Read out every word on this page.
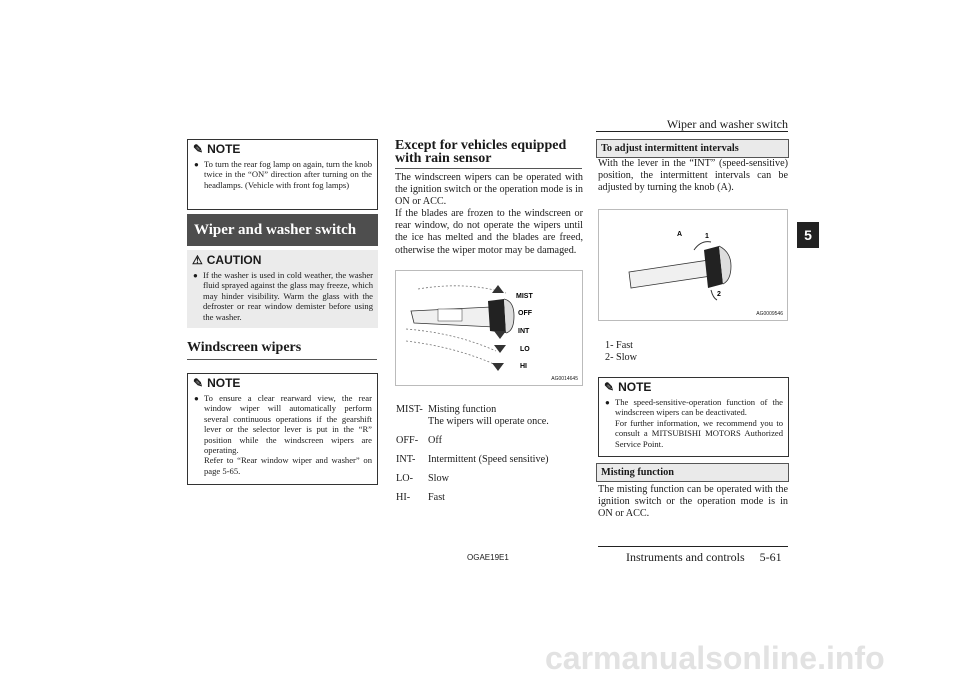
Wiper and washer switch
5
✎ NOTE
● To turn the rear fog lamp on again, turn the knob twice in the “ON” direction after turning on the headlamps. (Vehicle with front fog lamps)
Wiper and washer switch
⚠ CAUTION
● If the washer is used in cold weather, the washer fluid sprayed against the glass may freeze, which may hinder visibility. Warm the glass with the defroster or rear window demister before using the washer.
Windscreen wipers
✎ NOTE
● To ensure a clear rearward view, the rear window wiper will automatically perform several continuous operations if the gearshift lever or the selector lever is put in the “R” position while the windscreen wipers are operating.
Refer to “Rear window wiper and washer” on page 5-65.
Except for vehicles equipped with rain sensor
The windscreen wipers can be operated with the ignition switch or the operation mode is in ON or ACC.
If the blades are frozen to the windscreen or rear window, do not operate the wipers until the ice has melted and the blades are freed, otherwise the wiper motor may be damaged.
MIST
OFF
INT
LO
HI
AG0014645
MIST- Misting function
The wipers will operate once.
OFF- Off
INT-	Intermittent (Speed sensitive)
LO-	Slow
HI-	Fast
To adjust intermittent intervals
With the lever in the “INT” (speed-sensitive) position, the intermittent intervals can be adjusted by turning the knob (A).
A	1
2
AG0009546
1- Fast
2- Slow
✎ NOTE
● The speed-sensitive-operation function of the windscreen wipers can be deactivated.
For further information, we recommend you to consult a MITSUBISHI MOTORS Authorized Service Point.
Misting function
The misting function can be operated with the ignition switch or the operation mode is in ON or ACC.
OGAE19E1	Instruments and controls 5-61
carmanualsonline.info
